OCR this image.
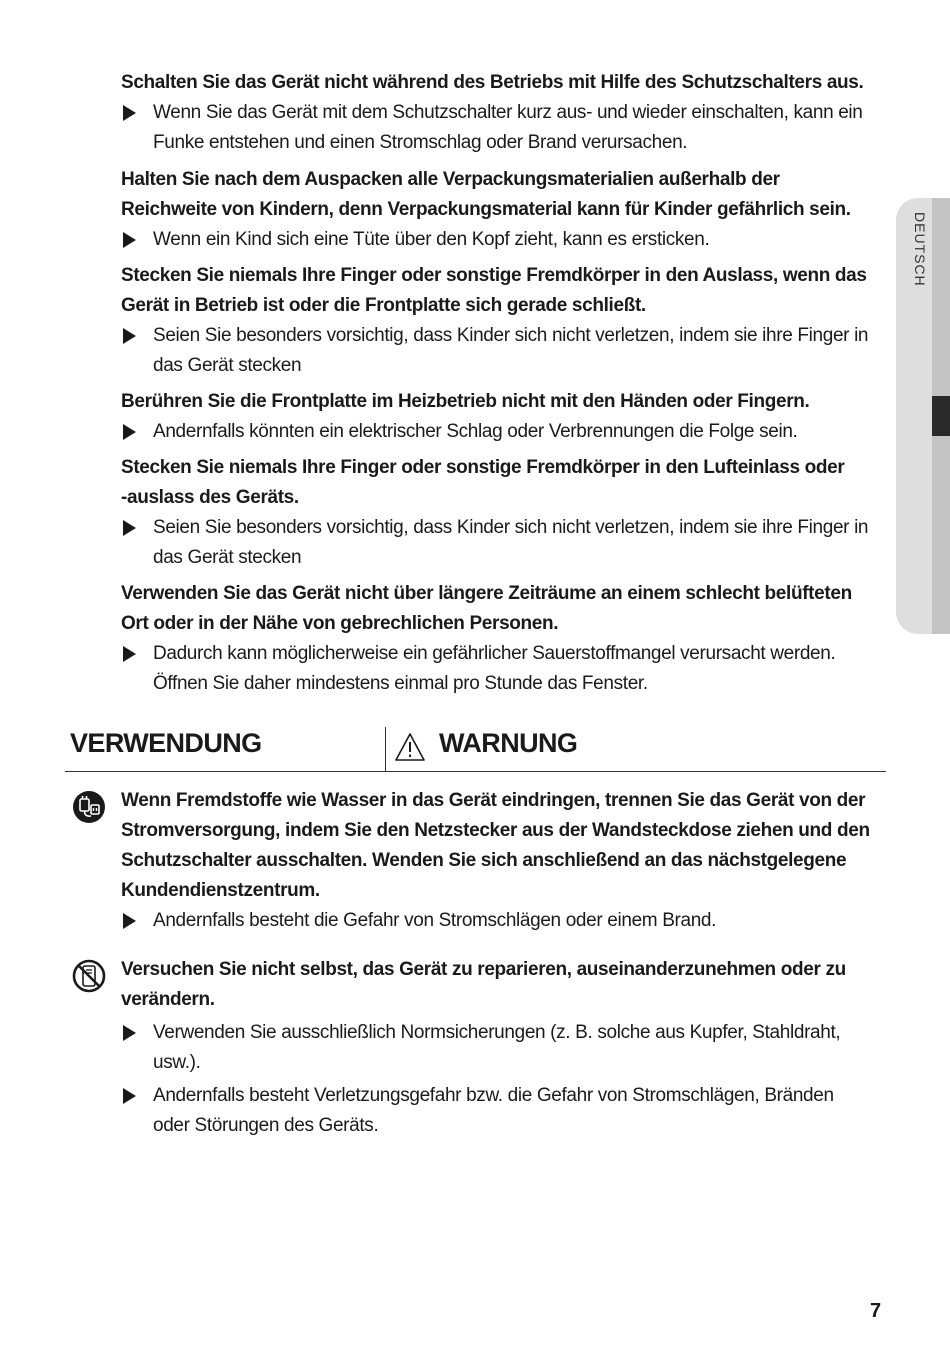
DEUTSCH

Schalten Sie das Gerät nicht während des Betriebs mit Hilfe des Schutzschalters aus.

Wenn Sie das Gerät mit dem Schutzschalter kurz aus- und wieder einschalten, kann ein
Funke entstehen und einen Stromschlag oder Brand verursachen.

Halten Sie nach dem Auspacken alle Verpackungsmaterialien außerhalb der
Reichweite von Kindern, denn Verpackungsmaterial kann für Kinder gefährlich sein.

Wenn ein Kind sich eine Tüte über den Kopf zieht, kann es ersticken.

Stecken Sie niemals Ihre Finger oder sonstige Fremdkörper in den Auslass, wenn das
Gerät in Betrieb ist oder die Frontplatte sich gerade schließt.

Seien Sie besonders vorsichtig, dass Kinder sich nicht verletzen, indem sie ihre Finger in
das Gerät stecken

Berühren Sie die Frontplatte im Heizbetrieb nicht mit den Händen oder Fingern.

Andernfalls könnten ein elektrischer Schlag oder Verbrennungen die Folge sein.

Stecken Sie niemals Ihre Finger oder sonstige Fremdkörper in den Lufteinlass oder
-auslass des Geräts.

Seien Sie besonders vorsichtig, dass Kinder sich nicht verletzen, indem sie ihre Finger in
das Gerät stecken

Verwenden Sie das Gerät nicht über längere Zeiträume an einem schlecht belüfteten
Ort oder in der Nähe von gebrechlichen Personen.

Dadurch kann möglicherweise ein gefährlicher Sauerstoffmangel verursacht werden.
Öffnen Sie daher mindestens einmal pro Stunde das Fenster.

VERWENDUNG	WARNUNG

Wenn Fremdstoffe wie Wasser in das Gerät eindringen, trennen Sie das Gerät von der
Stromversorgung, indem Sie den Netzstecker aus der Wandsteckdose ziehen und den
Schutzschalter ausschalten. Wenden Sie sich anschließend an das nächstgelegene
Kundendienstzentrum.

Andernfalls besteht die Gefahr von Stromschlägen oder einem Brand.

Versuchen Sie nicht selbst, das Gerät zu reparieren, auseinanderzunehmen oder zu
verändern.

Verwenden Sie ausschließlich Normsicherungen (z. B. solche aus Kupfer, Stahldraht,
usw.).

Andernfalls besteht Verletzungsgefahr bzw. die Gefahr von Stromschlägen, Bränden
oder Störungen des Geräts.

7
